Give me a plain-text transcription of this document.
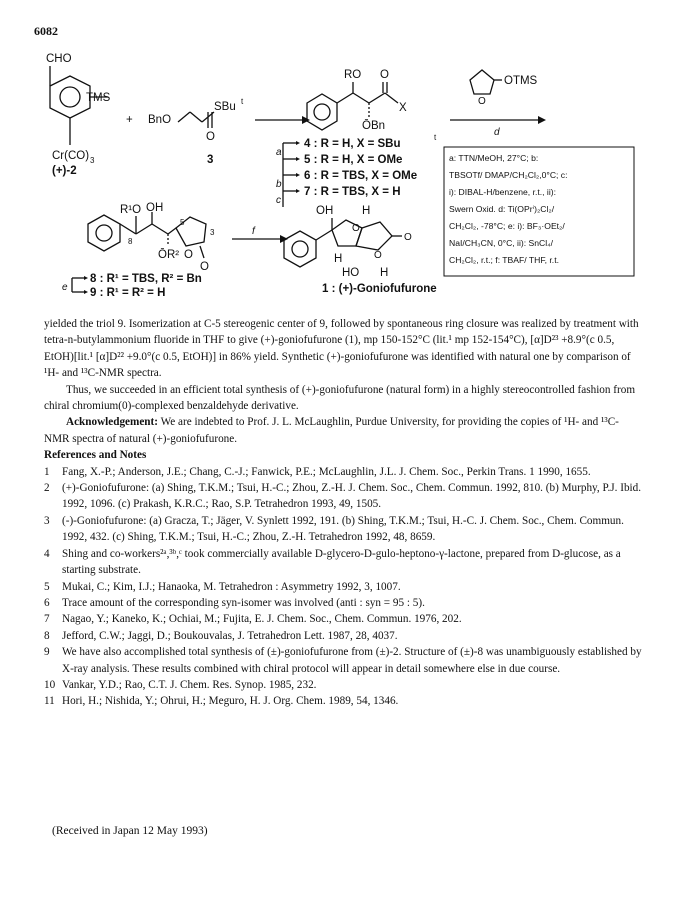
6082
CHO
TMS
+ BnO
SBu t
O
Cr(CO) 3
(+)-2
3
RO O
X
ŌBn
OTMS
O
a
b
c
d
e
f
4 : R = H, X = SBu
t
5 : R = H, X = OMe
6 : R = TBS, X = OMe
7 : R = TBS, X = H
R¹O OH
8
5
3
ŌR² O
O
8 : R¹ = TBS, R² = Bn
9 : R¹ = R² = H
OH	H
H
HO H
O
O
O
1 : (+)-Goniofufurone
a: TTN/MeOH, 27°C; b:
TBSOTf/ DMAP/CH₂Cl₂,0°C; c:
i): DIBAL-H/benzene, r.t., ii):
Swern Oxid. d: Ti(OPrⁱ)₂Cl₂/
CH₂Cl₂, -78°C; e: i): BF₃·OEt₂/
NaI/CH₃CN, 0°C, ii): SnCl₄/
CH₂Cl₂, r.t.; f: TBAF/ THF, r.t.
yielded the triol 9. Isomerization at C-5 stereogenic center of 9, followed by spontaneous ring closure was realized by treatment with tetra-n-butylammonium fluoride in THF to give (+)-goniofufurone (1), mp 150-152°C (lit.¹ mp 152-154°C), [α]D²³ +8.9°(c 0.5, EtOH)[lit.¹ [α]D²² +9.0°(c 0.5, EtOH)] in 86% yield. Synthetic (+)-goniofufurone was identified with natural one by comparison of ¹H- and ¹³C-NMR spectra.
Thus, we succeeded in an efficient total synthesis of (+)-goniofufurone (natural form) in a highly stereocontrolled fashion from chiral chromium(0)-complexed benzaldehyde derivative.
Acknowledgement: We are indebted to Prof. J. L. McLaughlin, Purdue University, for providing the copies of ¹H- and ¹³C-NMR spectra of natural (+)-goniofufurone.
References and Notes
1 Fang, X.-P.; Anderson, J.E.; Chang, C.-J.; Fanwick, P.E.; McLaughlin, J.L. J. Chem. Soc., Perkin Trans. 1 1990, 1655.
2 (+)-Goniofufurone: (a) Shing, T.K.M.; Tsui, H.-C.; Zhou, Z.-H. J. Chem. Soc., Chem. Commun. 1992, 810. (b) Murphy, P.J. Ibid. 1992, 1096. (c) Prakash, K.R.C.; Rao, S.P. Tetrahedron 1993, 49, 1505.
3 (-)-Goniofufurone: (a) Gracza, T.; Jäger, V. Synlett 1992, 191. (b) Shing, T.K.M.; Tsui, H.-C. J. Chem. Soc., Chem. Commun. 1992, 432. (c) Shing, T.K.M.; Tsui, H.-C.; Zhou, Z.-H. Tetrahedron 1992, 48, 8659.
4 Shing and co-workers²ᵃ,³ᵇ,ᶜ took commercially available D-glycero-D-gulo-heptono-γ-lactone, prepared from D-glucose, as a starting substrate.
5 Mukai, C.; Kim, I.J.; Hanaoka, M. Tetrahedron : Asymmetry 1992, 3, 1007.
6 Trace amount of the corresponding syn-isomer was involved (anti : syn = 95 : 5).
7 Nagao, Y.; Kaneko, K.; Ochiai, M.; Fujita, E. J. Chem. Soc., Chem. Commun. 1976, 202.
8 Jefford, C.W.; Jaggi, D.; Boukouvalas, J. Tetrahedron Lett. 1987, 28, 4037.
9 We have also accomplished total synthesis of (±)-goniofufurone from (±)-2. Structure of (±)-8 was unambiguously established by X-ray analysis. These results combined with chiral protocol will appear in detail somewhere else in due course.
10 Vankar, Y.D.; Rao, C.T. J. Chem. Res. Synop. 1985, 232.
11 Hori, H.; Nishida, Y.; Ohrui, H.; Meguro, H. J. Org. Chem. 1989, 54, 1346.
(Received in Japan 12 May 1993)
